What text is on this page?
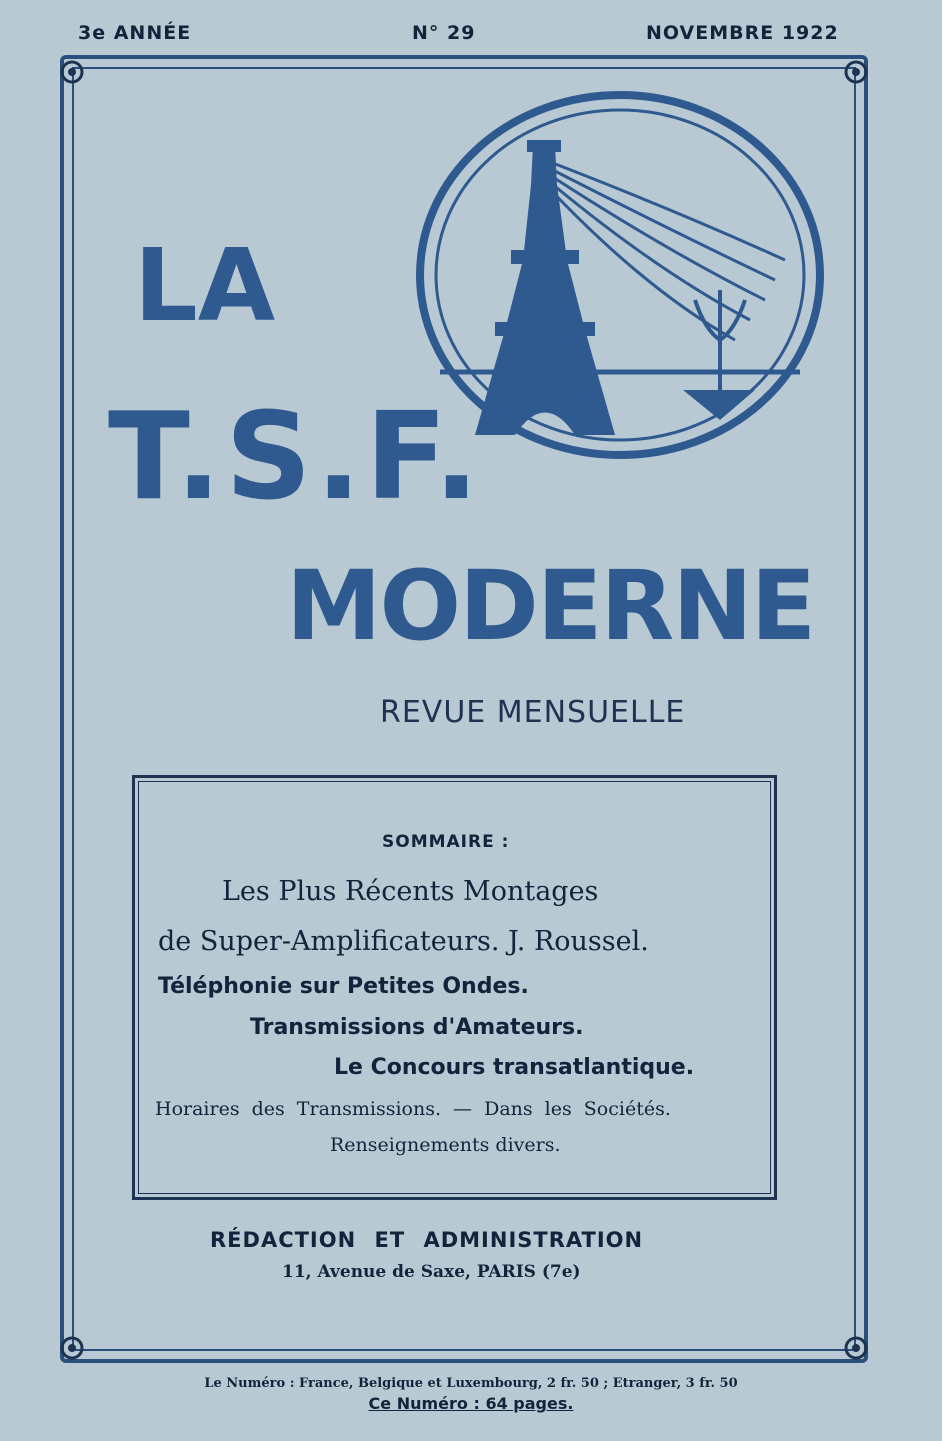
3e ANNÉE	N° 29	NOVEMBRE 1922
LA
T.S.F.
MODERNE
REVUE MENSUELLE
SOMMAIRE :
Les Plus Récents Montages
de Super-Amplificateurs. J. Roussel.
Téléphonie sur Petites Ondes.
Transmissions d'Amateurs.
Le Concours transatlantique.
Horaires des Transmissions. — Dans les Sociétés.
Renseignements divers.
RÉDACTION ET ADMINISTRATION
11, Avenue de Saxe, PARIS (7e)
Le Numéro : France, Belgique et Luxembourg, 2 fr. 50 ; Etranger, 3 fr. 50
Ce Numéro : 64 pages.
